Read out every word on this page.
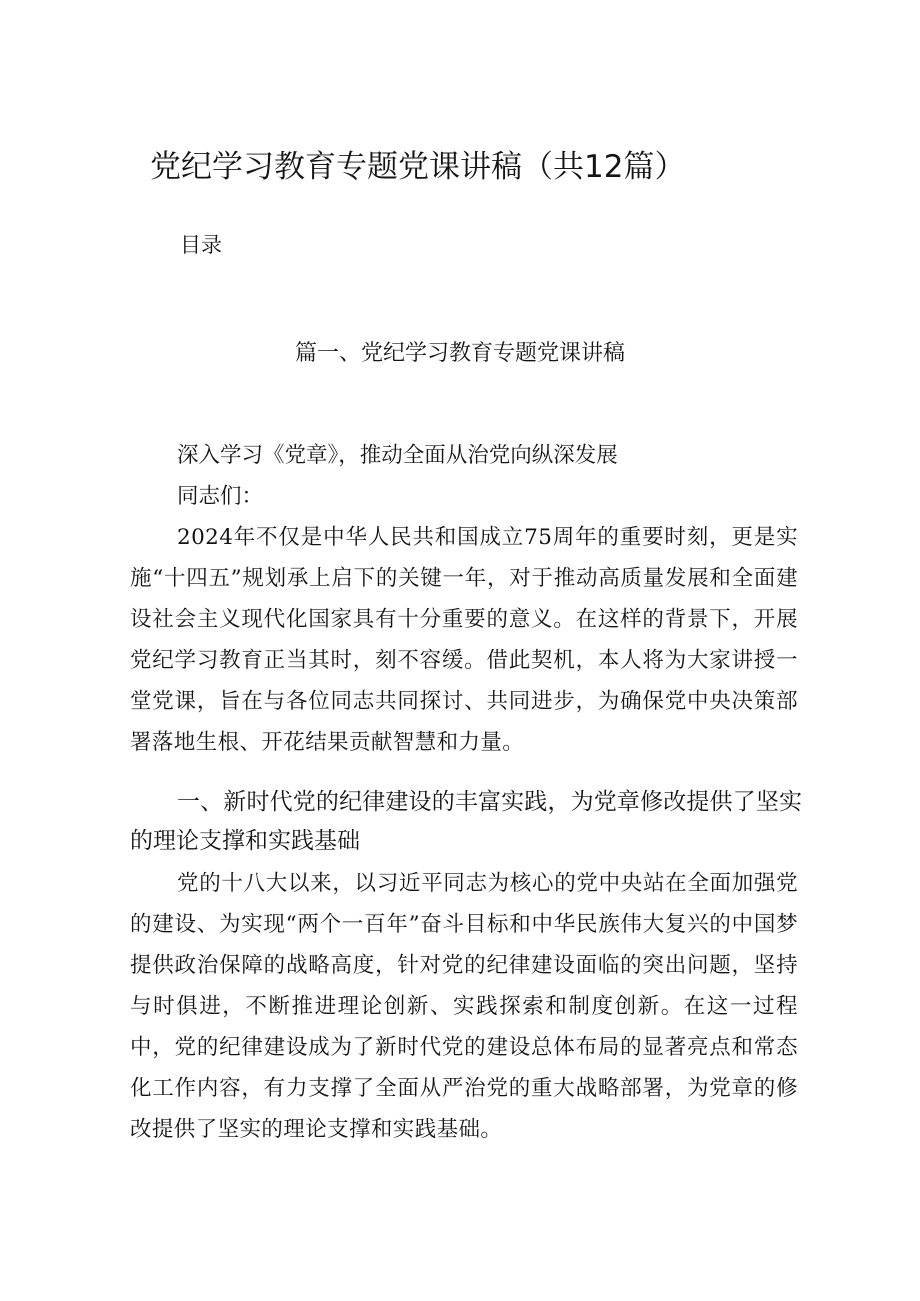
党纪学习教育专题党课讲稿（共12篇）
目录
篇一、党纪学习教育专题党课讲稿

深入学习《党章》，推动全面从治党向纵深发展

同志们：

2024年不仅是中华人民共和国成立75周年的重要时刻，更是实施“十四五”规划承上启下的关键一年，对于推动高质量发展和全面建设社会主义现代化国家具有十分重要的意义。在这样的背景下，开展党纪学习教育正当其时，刻不容缓。借此契机，本人将为大家讲授一堂党课，旨在与各位同志共同探讨、共同进步，为确保党中央决策部署落地生根、开花结果贡献智慧和力量。

一、新时代党的纪律建设的丰富实践，为党章修改提供了坚实的理论支撑和实践基础

党的十八大以来，以习近平同志为核心的党中央站在全面加强党的建设、为实现“两个一百年”奋斗目标和中华民族伟大复兴的中国梦提供政治保障的战略高度，针对党的纪律建设面临的突出问题，坚持与时俱进，不断推进理论创新、实践探索和制度创新。在这一过程中，党的纪律建设成为了新时代党的建设总体布局的显著亮点和常态化工作内容，有力支撑了全面从严治党的重大战略部署，为党章的修改提供了坚实的理论支撑和实践基础。
